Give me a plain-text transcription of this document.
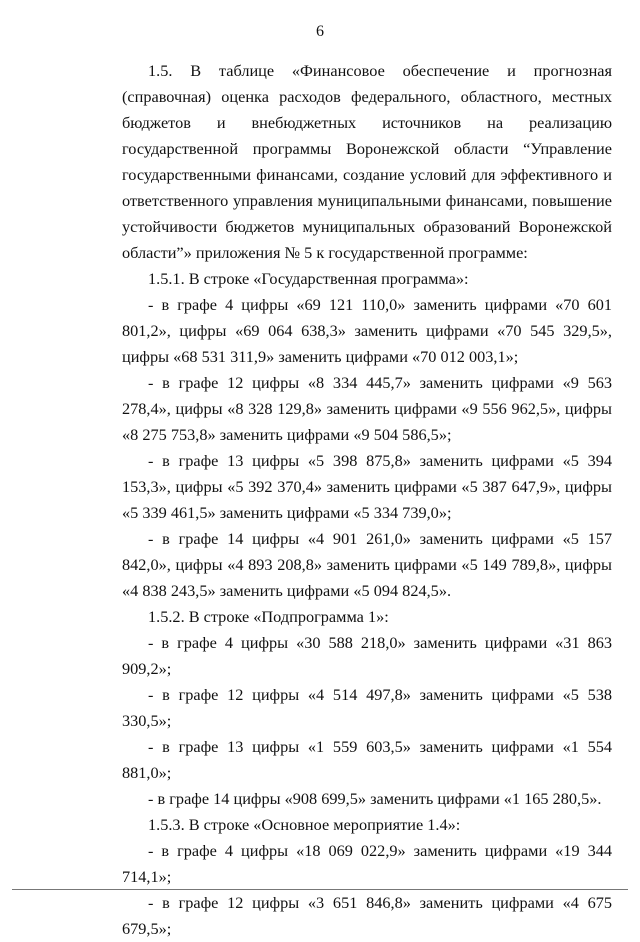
6

1.5. В таблице «Финансовое обеспечение и прогнозная (справочная) оценка расходов федерального, областного, местных бюджетов и внебюджетных источников на реализацию государственной программы Воронежской области “Управление государственными финансами, создание условий для эффективного и ответственного управления муниципальными финансами, повышение устойчивости бюджетов муниципальных образований Воронежской области”» приложения № 5 к государственной программе:

1.5.1. В строке «Государственная программа»:

- в графе 4 цифры «69 121 110,0» заменить цифрами «70 601 801,2», цифры «69 064 638,3» заменить цифрами «70 545 329,5», цифры «68 531 311,9» заменить цифрами «70 012 003,1»;

- в графе 12 цифры «8 334 445,7» заменить цифрами «9 563 278,4», цифры «8 328 129,8» заменить цифрами «9 556 962,5», цифры «8 275 753,8» заменить цифрами «9 504 586,5»;

- в графе 13 цифры «5 398 875,8» заменить цифрами «5 394 153,3», цифры «5 392 370,4» заменить цифрами «5 387 647,9», цифры «5 339 461,5» заменить цифрами «5 334 739,0»;

- в графе 14 цифры «4 901 261,0» заменить цифрами «5 157 842,0», цифры «4 893 208,8» заменить цифрами «5 149 789,8», цифры «4 838 243,5» заменить цифрами «5 094 824,5».

1.5.2. В строке «Подпрограмма 1»:

- в графе 4 цифры «30 588 218,0» заменить цифрами «31 863 909,2»;

- в графе 12 цифры «4 514 497,8» заменить цифрами «5 538 330,5»;

- в графе 13 цифры «1 559 603,5» заменить цифрами «1 554 881,0»;

- в графе 14 цифры «908 699,5» заменить цифрами «1 165 280,5».

1.5.3. В строке «Основное мероприятие 1.4»:

- в графе 4 цифры «18 069 022,9» заменить цифрами «19 344 714,1»;

- в графе 12 цифры «3 651 846,8» заменить цифрами «4 675 679,5»;
